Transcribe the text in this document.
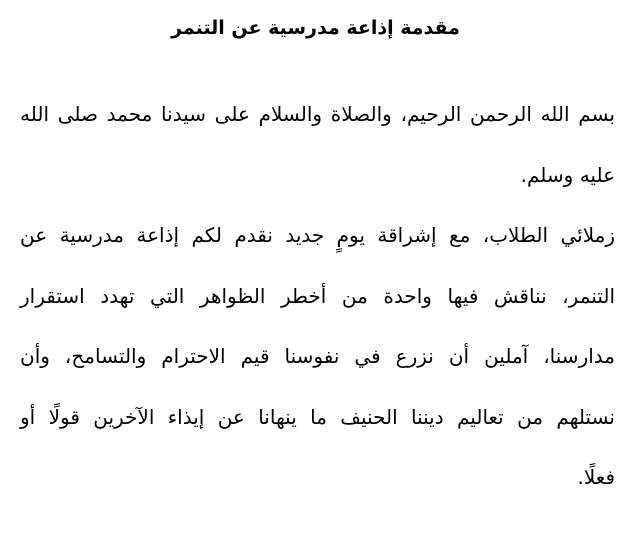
مقدمة إذاعة مدرسية عن التنمر
بسم الله الرحمن الرحيم، والصلاة والسلام على سيدنا محمد صلى الله
عليه وسلم.
زملائي الطلاب، مع إشراقة يومٍ جديد نقدم لكم إذاعة مدرسية عن
التنمر، نناقش فيها واحدة من أخطر الظواهر التي تهدد استقرار
مدارسنا، آملين أن نزرع في نفوسنا قيم الاحترام والتسامح، وأن
نستلهم من تعاليم ديننا الحنيف ما ينهانا عن إيذاء الآخرين قولًا أو
فعلًا.
